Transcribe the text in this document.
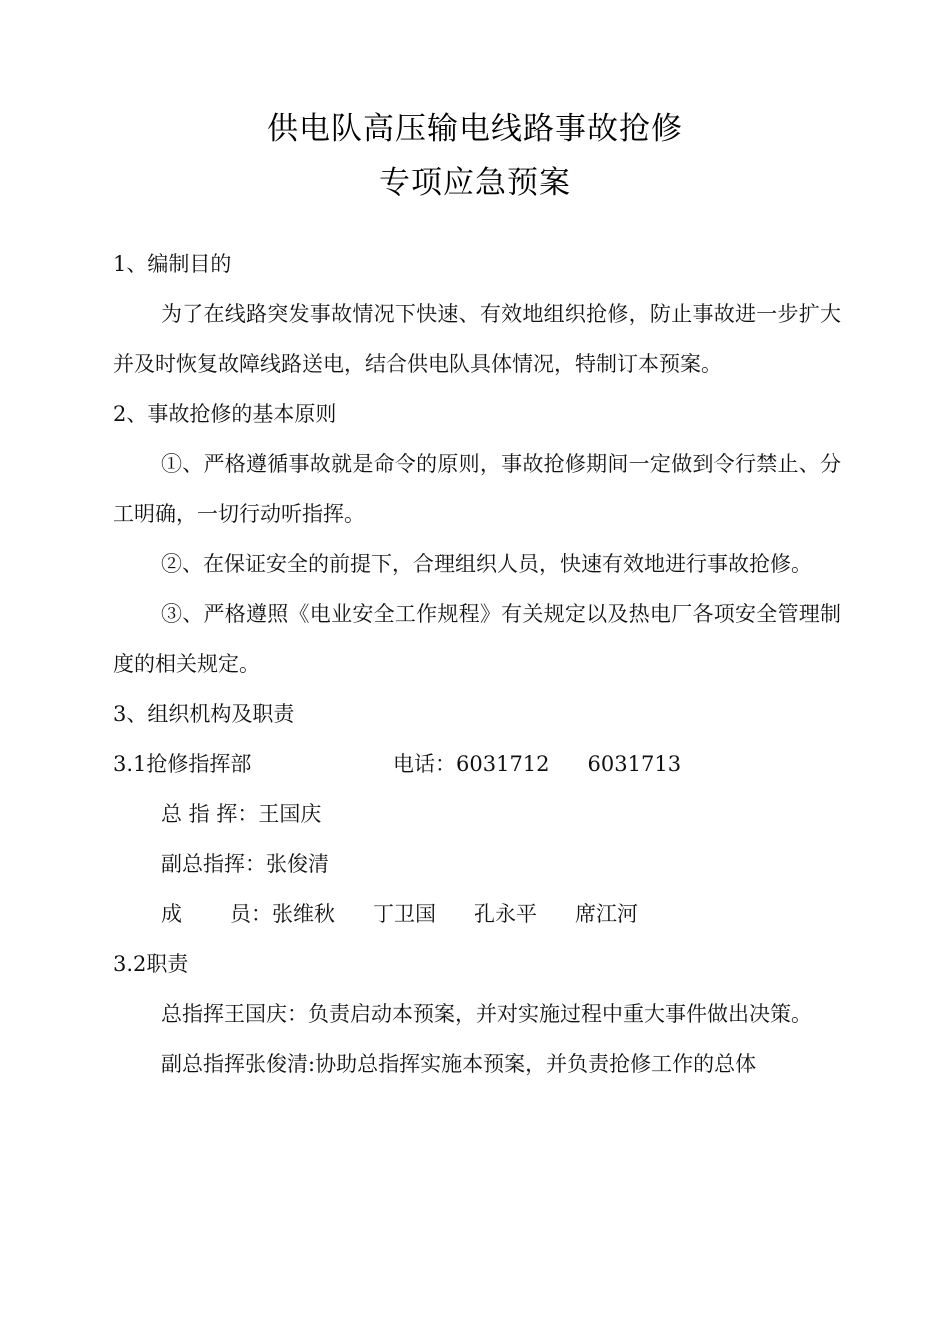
供电队高压输电线路事故抢修
专项应急预案

1、编制目的

为了在线路突发事故情况下快速、有效地组织抢修，防止事故进一步扩大并及时恢复故障线路送电，结合供电队具体情况，特制订本预案。

2、事故抢修的基本原则

①、严格遵循事故就是命令的原则，事故抢修期间一定做到令行禁止、分工明确，一切行动听指挥。

②、在保证安全的前提下，合理组织人员，快速有效地进行事故抢修。

③、严格遵照《电业安全工作规程》有关规定以及热电厂各项安全管理制度的相关规定。

3、组织机构及职责

3.1抢修指挥部	电话：6031712 6031713

总 指 挥：王国庆

副总指挥：张俊清

成 员：张维秋 丁卫国 孔永平 席江河

3.2职责

总指挥王国庆：负责启动本预案，并对实施过程中重大事件做出决策。

副总指挥张俊清:协助总指挥实施本预案，并负责抢修工作的总体
